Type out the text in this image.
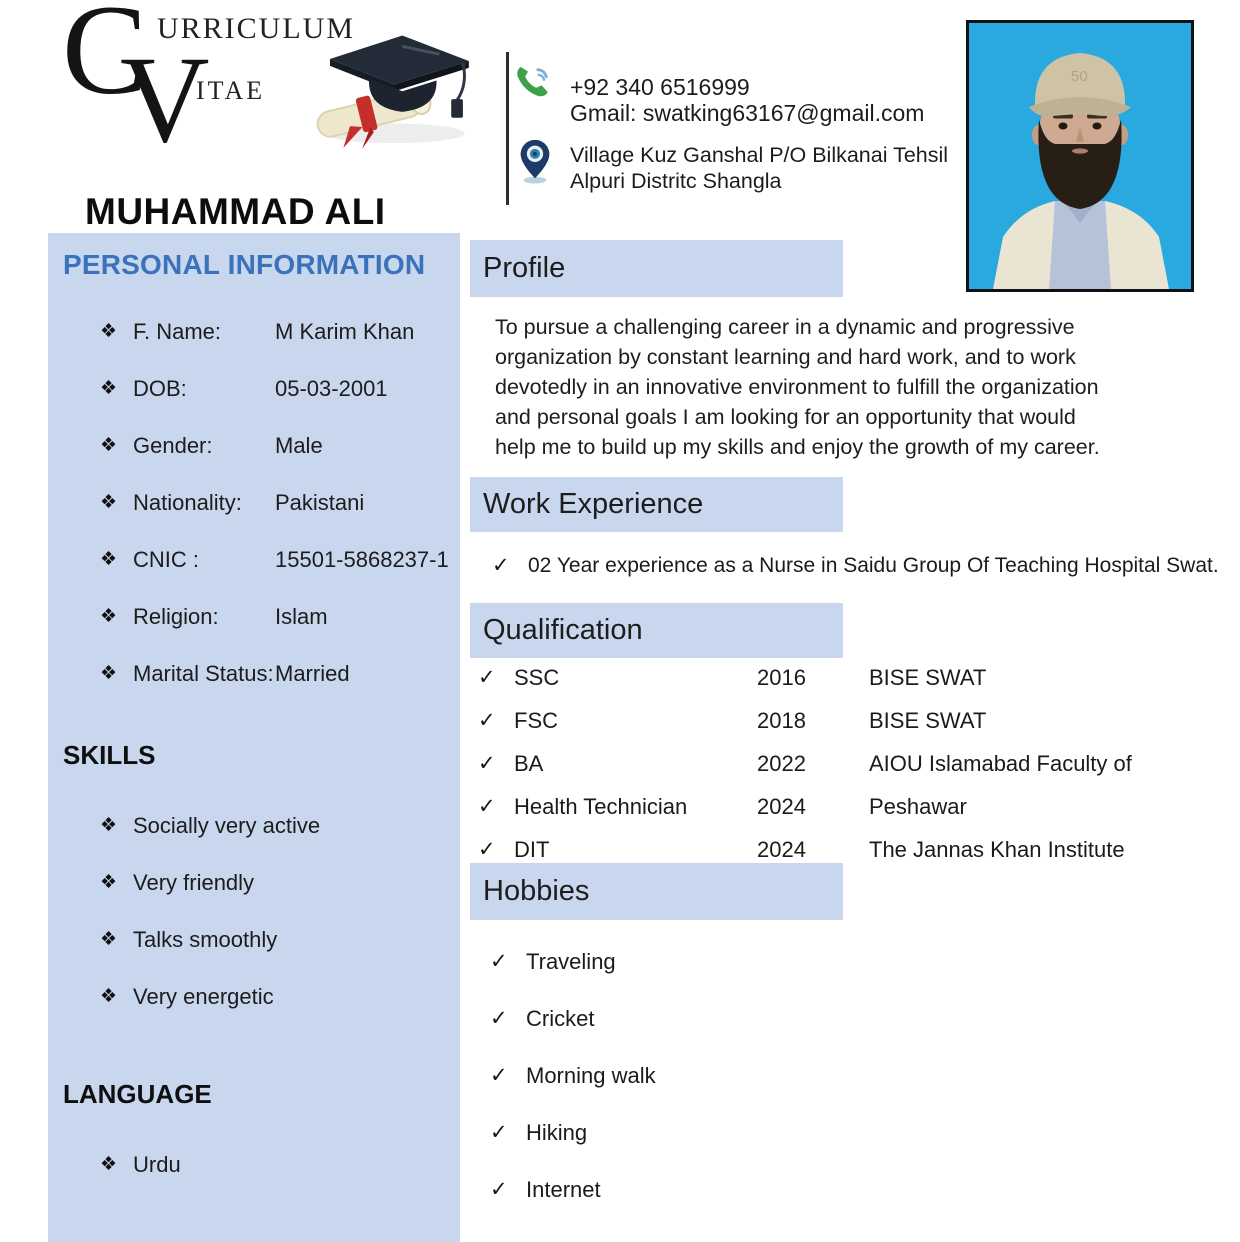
C URRICULUM
V
ITAE	+92 340 6516999
Gmail: swatking63167@gmail.com
Village Kuz Ganshal P/O Bilkanai Tehsil
Alpuri Distritc Shangla
50
MUHAMMAD ALI
PERSONAL INFORMATION
❖ F. Name:	M Karim Khan
❖ DOB:	05-03-2001
❖ Gender:	Male
❖ Nationality:	Pakistani
❖ CNIC :	15501-5868237-1
❖ Religion:	Islam
❖ Marital Status: Married
SKILLS
❖ Socially very active
❖ Very friendly
❖ Talks smoothly
❖ Very energetic
LANGUAGE
❖ Urdu
Profile
To pursue a challenging career in a dynamic and progressive organization by constant learning and hard work, and to work devotedly in an innovative environment to fulfill the organization and personal goals I am looking for an opportunity that would help me to build up my skills and enjoy the growth of my career.
Work Experience
✓ 02 Year experience as a Nurse in Saidu Group Of Teaching Hospital Swat.
Qualification
✓ SSC	2016	BISE SWAT
✓ FSC	2018	BISE SWAT
✓ BA	2022	AIOU Islamabad Faculty of
✓ Health Technician	2024	Peshawar
✓ DIT	2024	The Jannas Khan Institute
Hobbies
✓ Traveling
✓ Cricket
✓ Morning walk
✓ Hiking
✓ Internet
